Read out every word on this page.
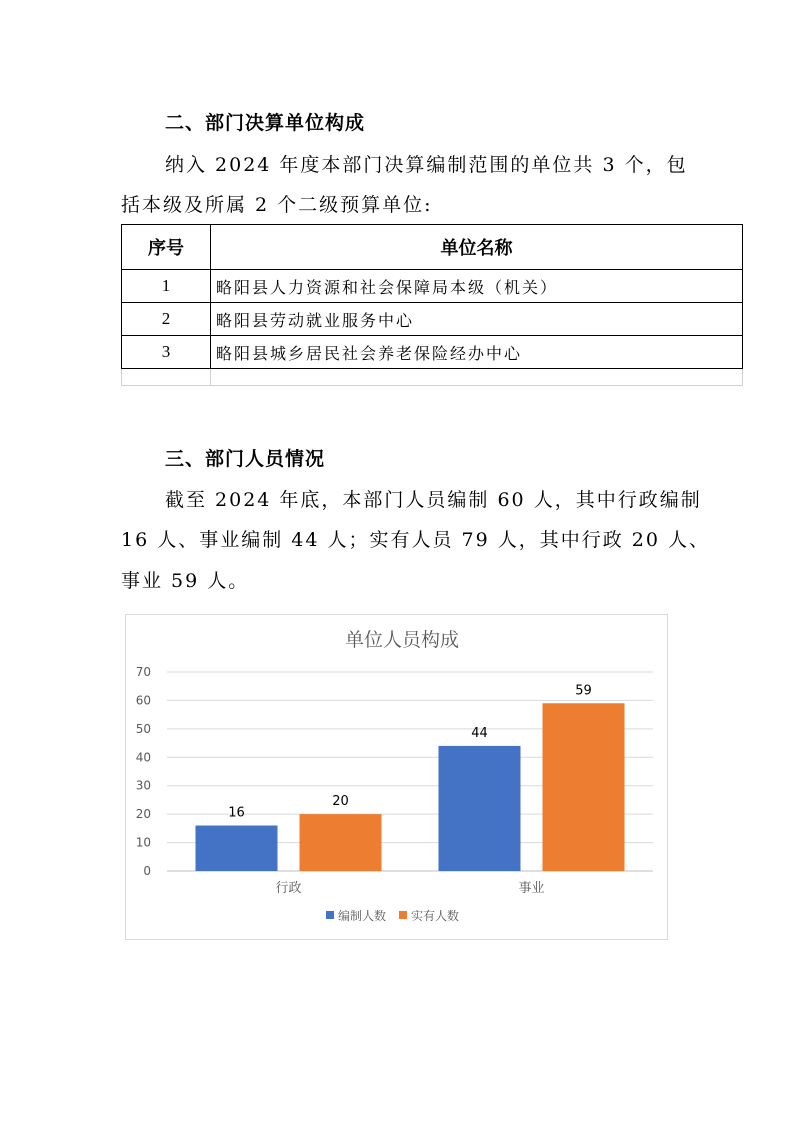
二、部门决算单位构成
纳入 2024 年度本部门决算编制范围的单位共 3 个，包
括本级及所属 2 个二级预算单位:
序号	单位名称
1	略阳县人力资源和社会保障局本级（机关）
2	略阳县劳动就业服务中心
3	略阳县城乡居民社会养老保险经办中心

三、部门人员情况
截至 2024 年底，本部门人员编制 60 人，其中行政编制
16 人、事业编制 44 人；实有人员 79 人，其中行政 20 人、
事业 59 人。
单位人员构成
0
10
20
30
40
50
60
70
16
20
行政
44
59
事业
编制人数 实有人数
